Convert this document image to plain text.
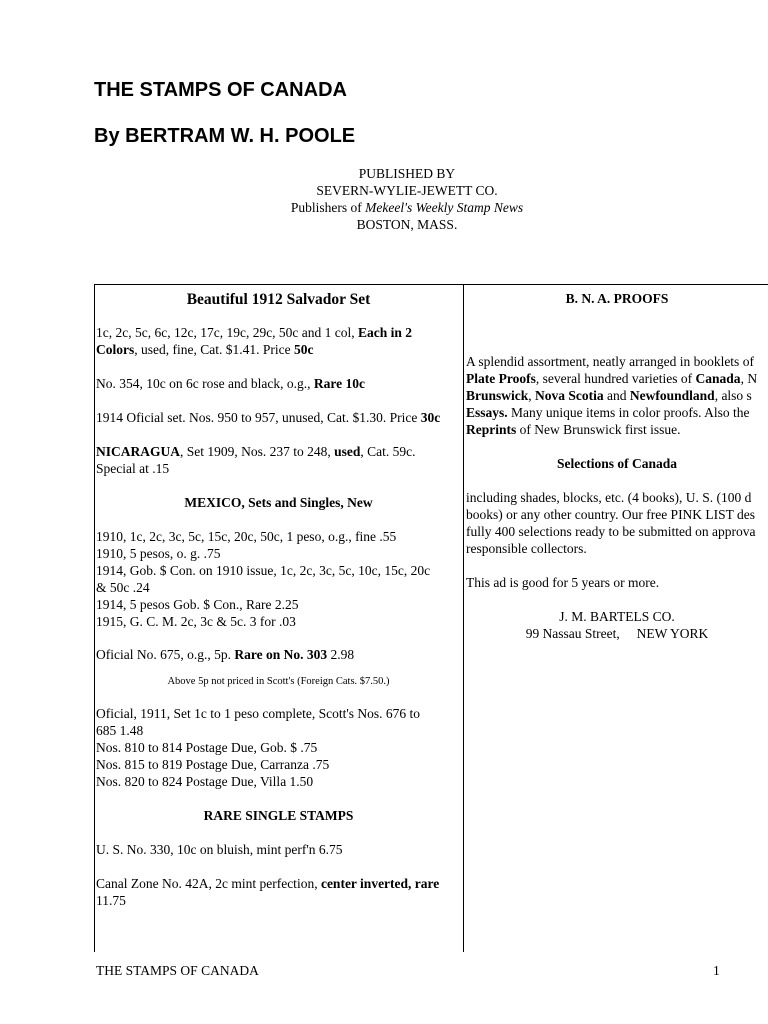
THE STAMPS OF CANADA
By BERTRAM W. H. POOLE
PUBLISHED BY
SEVERN-WYLIE-JEWETT CO.
Publishers of Mekeel's Weekly Stamp News
BOSTON, MASS.

Beautiful 1912 Salvador Set

1c, 2c, 5c, 6c, 12c, 17c, 19c, 29c, 50c and 1 col, Each in 2
Colors, used, fine, Cat. $1.41. Price 50c

No. 354, 10c on 6c rose and black, o.g., Rare 10c

1914 Oficial set. Nos. 950 to 957, unused, Cat. $1.30. Price 30c

NICARAGUA, Set 1909, Nos. 237 to 248, used, Cat. 59c.
Special at .15

MEXICO, Sets and Singles, New

1910, 1c, 2c, 3c, 5c, 15c, 20c, 50c, 1 peso, o.g., fine .55
1910, 5 pesos, o. g. .75
1914, Gob. $ Con. on 1910 issue, 1c, 2c, 3c, 5c, 10c, 15c, 20c
& 50c .24
1914, 5 pesos Gob. $ Con., Rare 2.25
1915, G. C. M. 2c, 3c & 5c. 3 for .03

Oficial No. 675, o.g., 5p. Rare on No. 303 2.98

Above 5p not priced in Scott's (Foreign Cats. $7.50.)

Oficial, 1911, Set 1c to 1 peso complete, Scott's Nos. 676 to
685 1.48
Nos. 810 to 814 Postage Due, Gob. $ .75
Nos. 815 to 819 Postage Due, Carranza .75
Nos. 820 to 824 Postage Due, Villa 1.50

RARE SINGLE STAMPS

U. S. No. 330, 10c on bluish, mint perf'n 6.75

Canal Zone No. 42A, 2c mint perfection, center inverted, rare
11.75

B. N. A. PROOFS

A splendid assortment, neatly arranged in booklets of
Plate Proofs, several hundred varieties of Canada, N
Brunswick, Nova Scotia and Newfoundland, also s
Essays. Many unique items in color proofs. Also the
Reprints of New Brunswick first issue.

Selections of Canada

including shades, blocks, etc. (4 books), U. S. (100 d
books) or any other country. Our free PINK LIST des
fully 400 selections ready to be submitted on approva
responsible collectors.

This ad is good for 5 years or more.

J. M. BARTELS CO.
99 Nassau Street, NEW YORK
THE STAMPS OF CANADA	1
